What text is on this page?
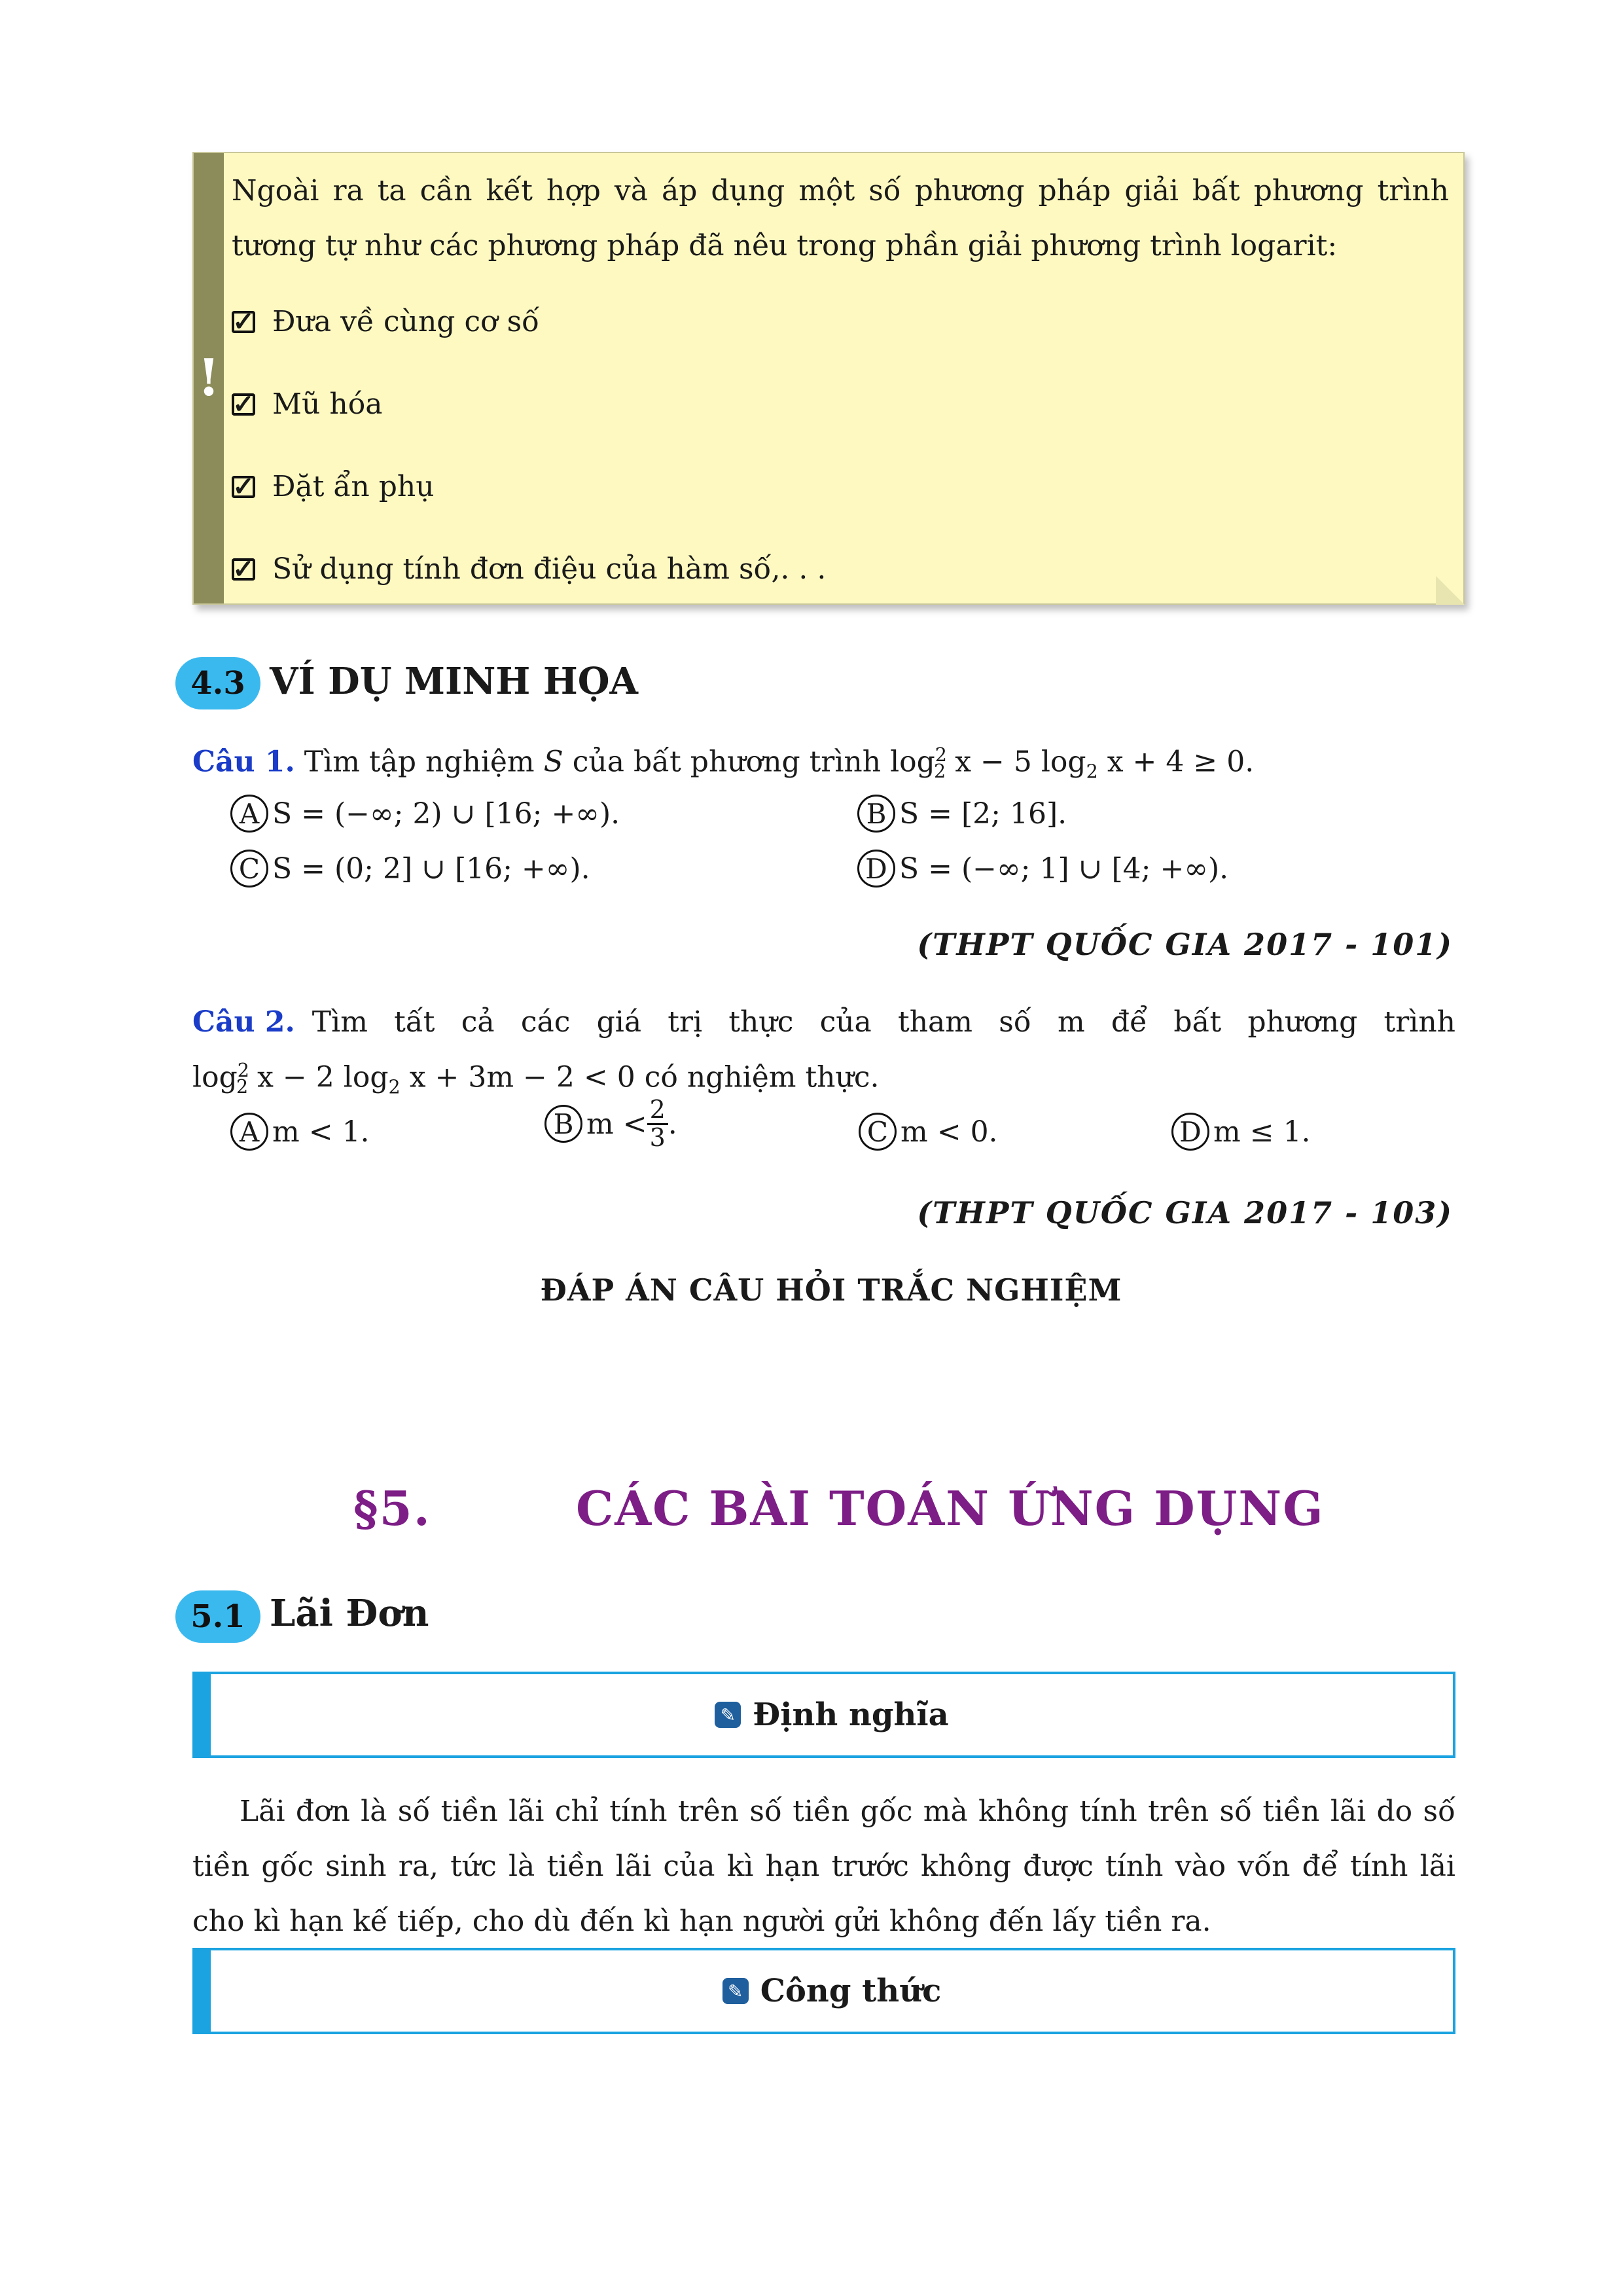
!
Ngoài ra ta cần kết hợp và áp dụng một số phương pháp giải bất phương trình tương tự như các phương pháp đã nêu trong phần giải phương trình logarit:
✓ Đưa về cùng cơ số
✓ Mũ hóa
✓ Đặt ẩn phụ
✓ Sử dụng tính đơn điệu của hàm số,. . .
4.3 VÍ DỤ MINH HỌA
Câu 1. Tìm tập nghiệm S của bất phương trình $\log^2_2 x - 5$ $\log_2 x + 4 \ge 0$.
A S = (−∞; 2) ∪ [16; +∞).	B S = [2; 16].
C S = (0; 2] ∪ [16; +∞).	D S = (−∞; 1] ∪ [4; +∞).
(THPT QUỐC GIA 2017 - 101)
Câu 2. Tìm tất cả các giá trị thực của tham số m để bất phương trình
$\log^2_2 x - 2$ $\log_2 x + 3m - 2 < 0$ có nghiệm thực.
A m < 1.	B $m < \frac{2}{3}$ .	C m < 0.	D m ≤ 1.
(THPT QUỐC GIA 2017 - 103)
ĐÁP ÁN CÂU HỎI TRẮC NGHIỆM
§5.	CÁC BÀI TOÁN ỨNG DỤNG
5.1 Lãi Đơn
✎ Định nghĩa
Lãi đơn là số tiền lãi chỉ tính trên số tiền gốc mà không tính trên số tiền lãi do số tiền gốc sinh ra, tức là tiền lãi của kì hạn trước không được tính vào vốn để tính lãi cho kì hạn kế tiếp, cho dù đến kì hạn người gửi không đến lấy tiền ra.
✎ Công thức
